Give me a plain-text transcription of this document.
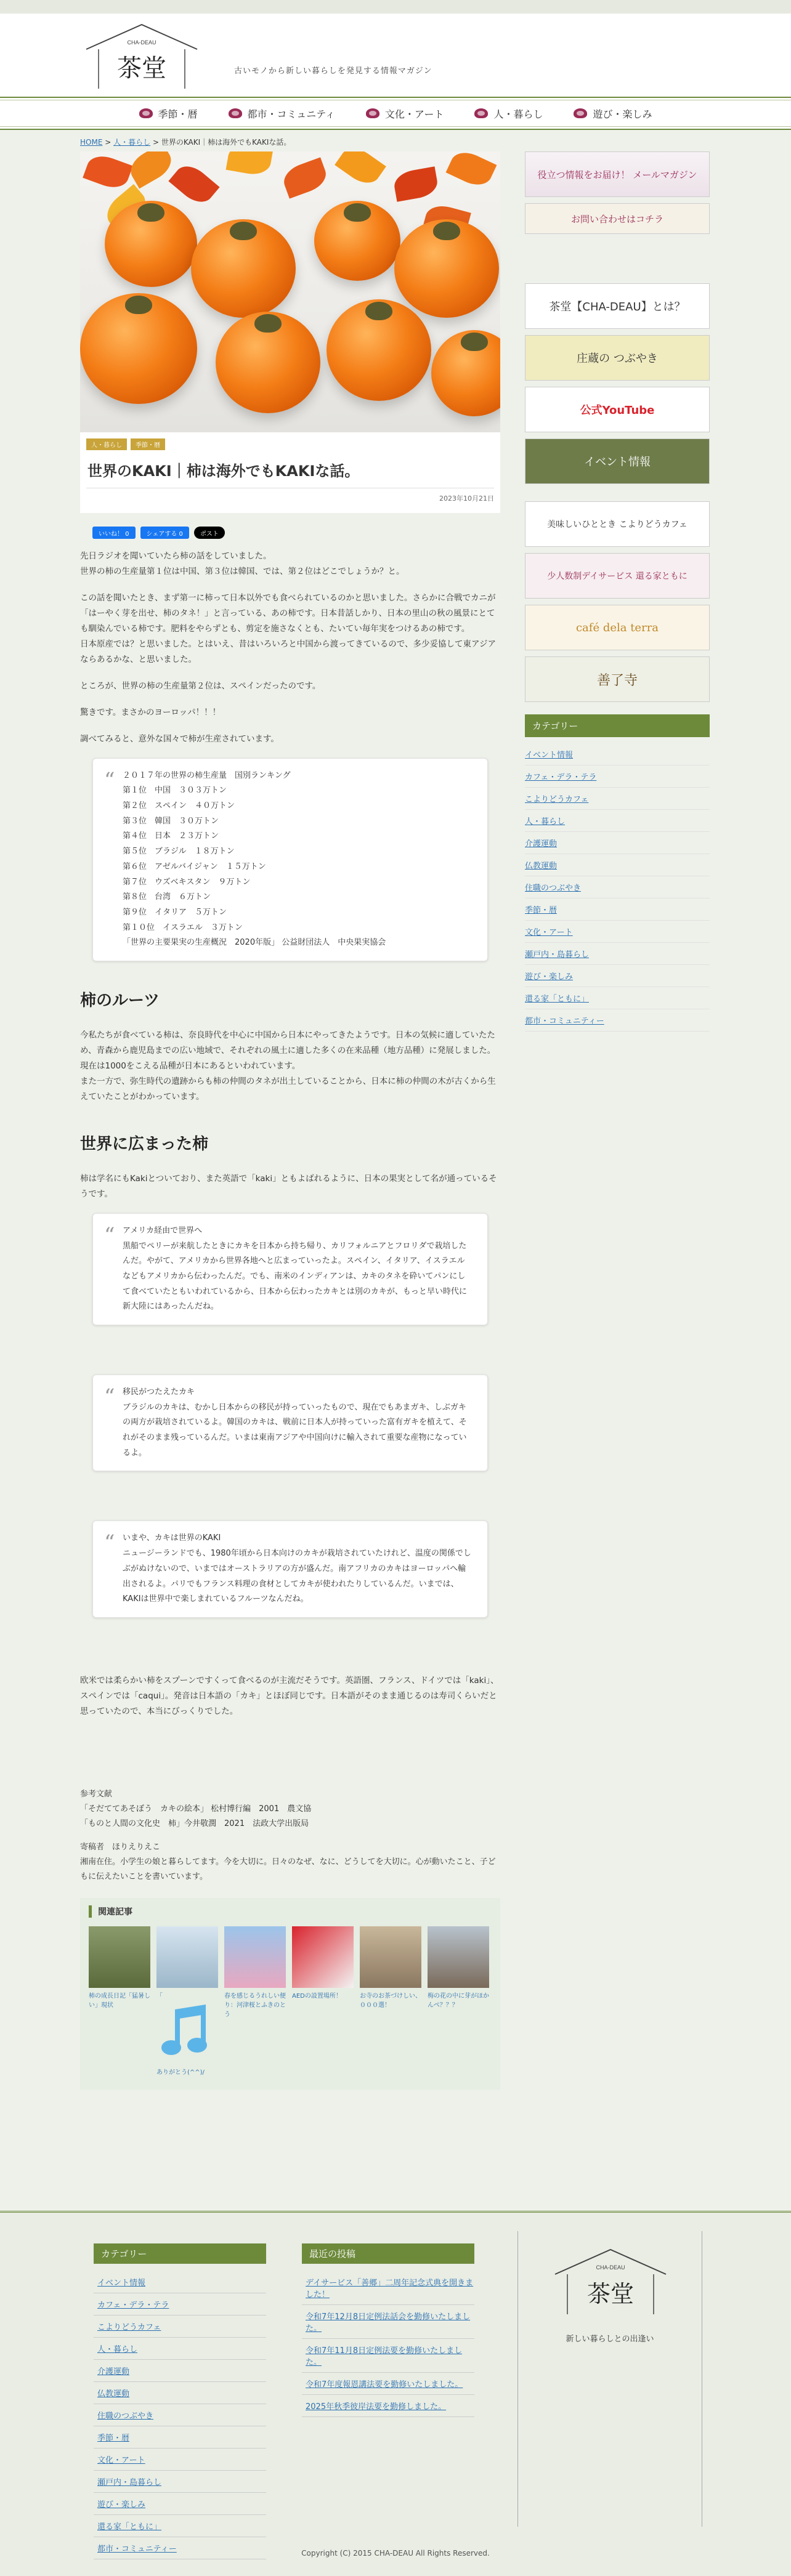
CHA-DEAU
茶堂	古いモノから新しい暮らしを発見する情報マガジン
季節・暦	都市・コミュニティ	文化・アート	人・暮らし	遊び・楽しみ
HOME > 人・暮らし > 世界のKAKI｜柿は海外でもKAKIな話。
人・暮らし	季節・暦
世界のKAKI｜柿は海外でもKAKIな話。
2023年10月21日
いいね！ 0	シェアする 0	ポスト

先日ラジオを聞いていたら柿の話をしていました。
世界の柿の生産量第１位は中国、第３位は韓国、では、第２位はどこでしょうか？と。

この話を聞いたとき、まず第一に柿って日本以外でも食べられているのかと思いました。さらかに合戦でカニが「はーやく芽を出せ、柿のタネ！」と言っている、あの柿です。日本昔話しかり、日本の里山の秋の風景にとても馴染んでいる柿です。肥料をやらずとも、剪定を施さなくとも、たいてい毎年実をつけるあの柿です。
日本原産では？と思いました。とはいえ、昔はいろいろと中国から渡ってきているので、多少妥協して東アジアならあるかな、と思いました。

ところが、世界の柿の生産量第２位は、スペインだったのです。

驚きです。まさかのヨーロッパ！！！

調べてみると、意外な国々で柿が生産されています。

“ ２０１７年の世界の柿生産量　国別ランキング
第１位　中国　３０３万トン
第２位　スペイン　４０万トン
第３位　韓国　３０万トン
第４位　日本　２３万トン
第５位　ブラジル　１８万トン
第６位　アゼルバイジャン　１５万トン
第７位　ウズベキスタン　９万トン
第８位　台湾　６万トン
第９位　イタリア　５万トン
第１０位　イスラエル　３万トン
「世界の主要果実の生産概況　2020年版」 公益財団法人　中央果実協会
柿のルーツ

今私たちが食べている柿は、奈良時代を中心に中国から日本にやってきたようです。日本の気候に適していたため、青森から鹿児島までの広い地域で、それぞれの風土に適した多くの在来品種（地方品種）に発展しました。現在は1000をこえる品種が日本にあるといわれています。
また一方で、弥生時代の遺跡からも柿の仲間のタネが出土していることから、日本に柿の仲間の木が古くから生えていたことがわかっています。

世界に広まった柿

柿は学名にもKakiとついており、また英語で「kaki」ともよばれるように、日本の果実として名が通っているそうです。

“ アメリカ経由で世界へ
黒船でペリーが来航したときにカキを日本から持ち帰り、カリフォルニアとフロリダで栽培したんだ。やがて、アメリカから世界各地へと広まっていったよ。スペイン、イタリア、イスラエルなどもアメリカから伝わったんだ。でも、南米のインディアンは、カキのタネを砕いてパンにして食べていたともいわれているから、日本から伝わったカキとは別のカキが、もっと早い時代に新大陸にはあったんだね。
“ 移民がつたえたカキ
ブラジルのカキは、むかし日本からの移民が持っていったもので、現在でもあまガキ、しぶガキの両方が栽培されているよ。韓国のカキは、戦前に日本人が持っていった富有ガキを植えて、それがそのまま残っているんだ。いまは東南アジアや中国向けに輸入されて重要な産物になっているよ。
“ いまや、カキは世界のKAKI
ニュージーランドでも、1980年頃から日本向けのカキが栽培されていたけれど、温度の関係でしぶがぬけないので、いまではオーストラリアの方が盛んだ。南アフリカのカキはヨーロッパへ輸出されるよ。パリでもフランス料理の食材としてカキが使われたりしているんだ。いまでは、KAKIは世界中で楽しまれているフルーツなんだね。

欧米では柔らかい柿をスプーンですくって食べるのが主流だそうです。英語圏、フランス、ドイツでは「kaki」、スペインでは「caqui」。発音は日本語の「カキ」とほぼ同じです。日本語がそのまま通じるのは寿司くらいだと思っていたので、本当にびっくりでした。

参考文献
「そだててあそぼう　カキの絵本」 松村博行編　2001　農文協
「ものと人間の文化史　柿」今井敬潤　2021　法政大学出版局

寄稿者　ほりえりえこ
湘南在住。小学生の娘と暮らしてます。今を大切に。日々のなぜ、なに、どうしてを大切に。心が動いたこと、子どもに伝えたいことを書いています。

関連記事
柿の成長日記「猛暑しい」現状
「  ありがとう(^^)/
春を感じるうれしい便り：河津桜とふきのとう
AEDの設置場所！	お寺のお茶づけしい、０００選！
梅の花の中に芽がほかんぺ？？？
役立つ情報をお届け！ メールマガジン
お問い合わせはコチラ
茶堂【CHA-DEAU】とは？
庄蔵の つぶやき
公式YouTube
イベント情報
美味しいひととき こよりどうカフェ
少人数制デイサービス 還る家ともに
café dela terra
善了寺
カテゴリー
イベント情報
カフェ・デラ・テラ
こよりどうカフェ
人・暮らし
介護運動
仏教運動
住職のつぶやき
季節・暦
文化・アート
瀬戸内・島暮らし
遊び・楽しみ
還る家「ともに」
都市・コミュニティー
カテゴリー
イベント情報
カフェ・デラ・テラ
こよりどうカフェ
人・暮らし
介護運動
仏教運動
住職のつぶやき
季節・暦
文化・アート
瀬戸内・島暮らし
遊び・楽しみ
還る家「ともに」
都市・コミュニティー
最近の投稿
デイサービス「善郷」二周年記念式典を開きました！
令和7年12月8日定例法話会を勤修いたしました。
令和7年11月8日定例法要を勤修いたしました。
令和7年度報恩講法要を勤修いたしました。
2025年秋季彼岸法要を勤修しました。
CHA-DEAU
茶堂
新しい暮らしとの出逢い
Copyright (C) 2015 CHA-DEAU All Rights Reserved.
